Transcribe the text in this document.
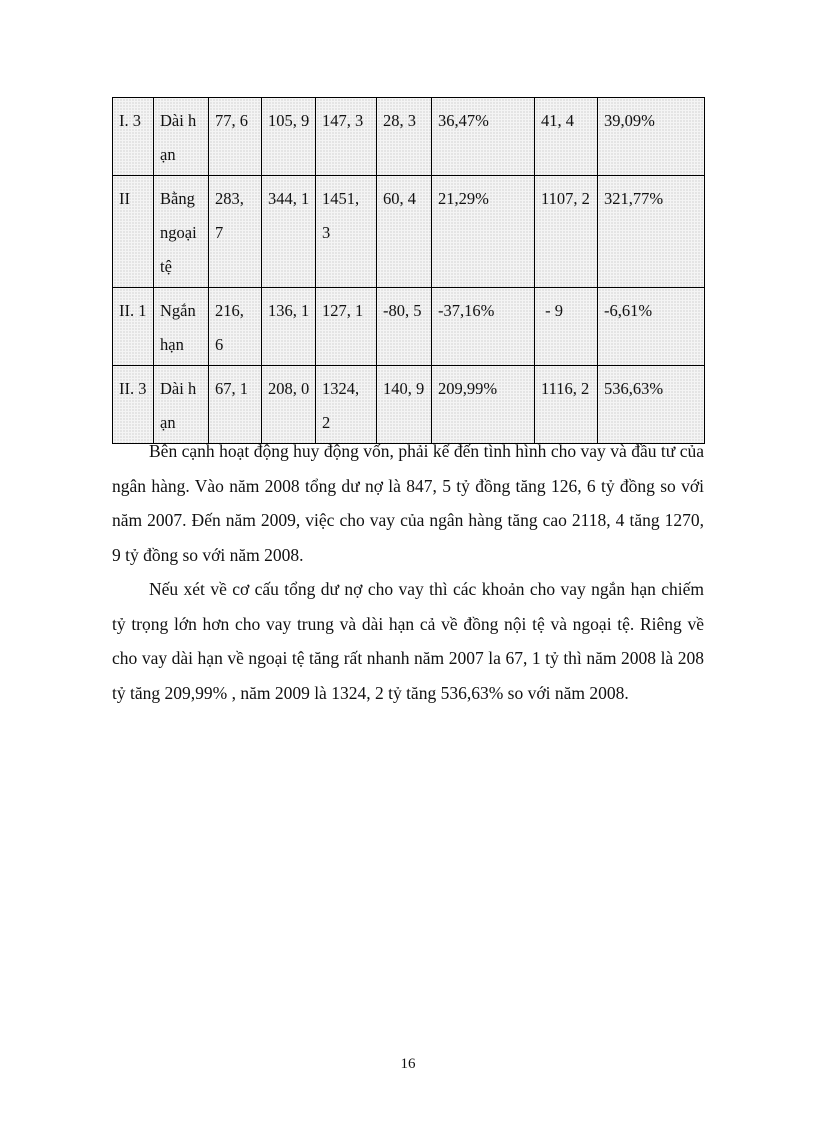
I. 3	Dài hạn	77, 6	105, 9	147, 3	28, 3	36,47%	41, 4	39,09%

II	Bằng ngoại tệ	283, 7	344, 1	1451, 3	60, 4	21,29%	1107, 2	321,77%

II. 1	Ngắn hạn	216, 6	136, 1	127, 1	-80, 5	-37,16%	- 9	-6,61%

II. 3	Dài hạn	67, 1	208, 0	1324, 2	140, 9	209,99%	1116, 2	536,63%

Bên cạnh hoạt động huy động vốn, phải kể đến tình hình cho vay và đầu tư của ngân hàng. Vào năm 2008 tổng dư nợ là 847, 5 tỷ đồng tăng 126, 6 tỷ đồng so với năm 2007. Đến năm 2009, việc cho vay của ngân hàng tăng cao 2118, 4 tăng 1270, 9 tỷ đồng so với năm 2008.

Nếu xét về cơ cấu tổng dư nợ cho vay thì các khoản cho vay ngắn hạn chiếm tỷ trọng lớn hơn cho vay trung và dài hạn cả về đồng nội tệ và ngoại tệ. Riêng về cho vay dài hạn về ngoại tệ tăng rất nhanh năm 2007 la 67, 1 tỷ thì năm 2008 là 208 tỷ tăng 209,99% , năm 2009 là 1324, 2 tỷ tăng 536,63% so với năm 2008.

16
